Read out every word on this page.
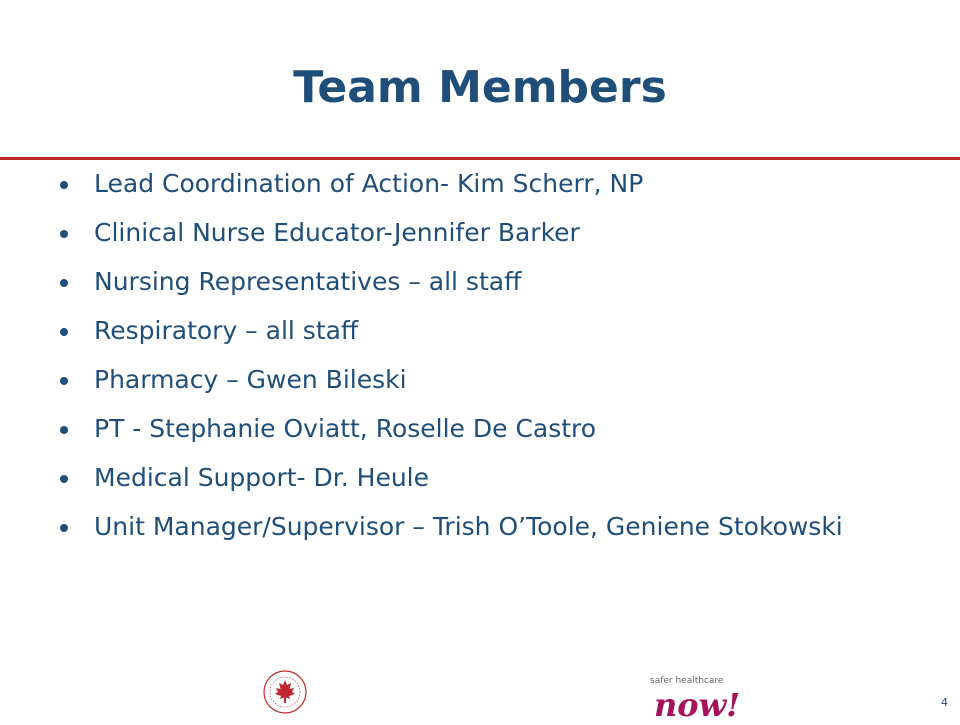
Team Members
Lead Coordination of Action- Kim Scherr, NP
Clinical Nurse Educator-Jennifer Barker
Nursing Representatives – all staff
Respiratory – all staff
Pharmacy – Gwen Bileski
PT - Stephanie Oviatt, Roselle De Castro
Medical Support- Dr. Heule
Unit Manager/Supervisor – Trish O’Toole, Geniene Stokowski
safer healthcare
now!	4
